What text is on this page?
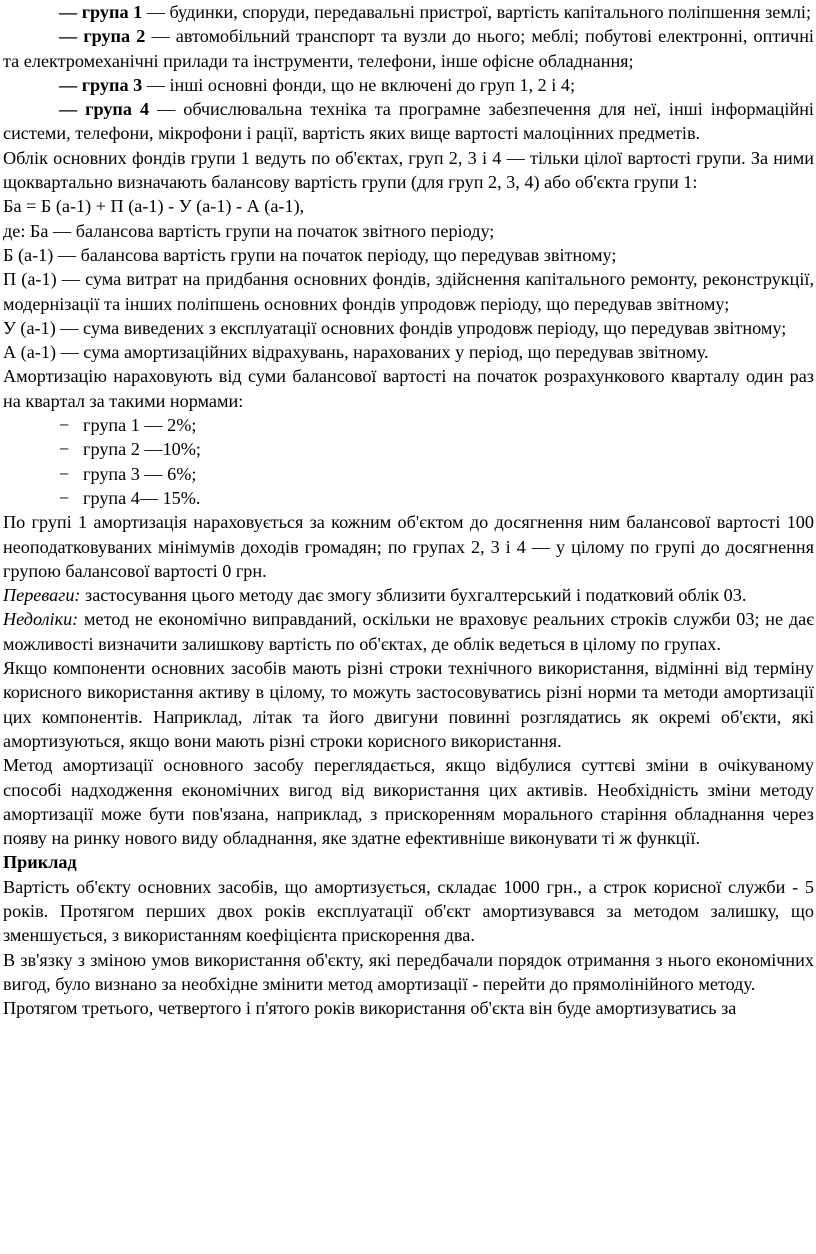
— група 1 — будинки, споруди, передавальні пристрої, вартість капітального поліпшення землі;

— група 2 — автомобільний транспорт та вузли до нього; меблі; побутові електронні, оптичні та електромеханічні прилади та інструменти, телефони, інше офісне обладнання;

— група 3 — інші основні фонди, що не включені до груп 1, 2 і 4;

— група 4 — обчислювальна техніка та програмне забезпечення для неї, інші інформаційні системи, телефони, мікрофони і рації, вартість яких вище вартості малоцінних предметів.

Облік основних фондів групи 1 ведуть по об'єктах, груп 2, 3 і 4 — тільки цілої вартості групи. За ними щоквартально визначають балансову вартість групи (для груп 2, 3, 4) або об'єкта групи 1:

Ба = Б (а-1) + П (а-1) - У (а-1) - А (а-1),

де: Ба — балансова вартість групи на початок звітного періоду;

Б (а-1) — балансова вартість групи на початок періоду, що передував звітному;

П (а-1) — сума витрат на придбання основних фондів, здійснення капітального ремонту, реконструкції, модернізації та інших поліпшень основних фондів упродовж періоду, що передував звітному;

У (а-1) — сума виведених з експлуатації основних фондів упродовж періоду, що передував звітному;

А (а-1) — сума амортизаційних відрахувань, нарахованих у період, що передував звітному.

Амортизацію нараховують від суми балансової вартості на початок розрахункового кварталу один раз на квартал за такими нормами:

− група 1 — 2%;

− група 2 —10%;

− група 3 — 6%;

− група 4— 15%.

По групі 1 амортизація нараховується за кожним об'єктом до досягнення ним балансової вартості 100 неоподатковуваних мінімумів доходів громадян; по групах 2, 3 і 4 — у цілому по групі до досягнення групою балансової вартості 0 грн.

Переваги: застосування цього методу дає змогу зблизити бухгалтерський і податковий облік 03.

Недоліки: метод не економічно виправданий, оскільки не враховує реальних строків служби 03; не дає можливості визначити залишкову вартість по об'єктах, де облік ведеться в цілому по групах.

Якщо компоненти основних засобів мають різні строки технічного використання, відмінні від терміну корисного використання активу в цілому, то можуть застосовуватись різні норми та методи амортизації цих компонентів. Наприклад, літак та його двигуни повинні розглядатись як окремі об'єкти, які амортизуються, якщо вони мають різні строки корисного використання.

Метод амортизації основного засобу переглядається, якщо відбулися суттєві зміни в очікуваному способі надходження економічних вигод від використання цих активів. Необхідність зміни методу амортизації може бути пов'язана, наприклад, з прискоренням морального старіння обладнання через появу на ринку нового виду обладнання, яке здатне ефективніше виконувати ті ж функції.

Приклад

Вартість об'єкту основних засобів, що амортизується, складає 1000 грн., а строк корисної служби - 5 років. Протягом перших двох років експлуатації об'єкт амортизувався за методом залишку, що зменшується, з використанням коефіцієнта прискорення два.

В зв'язку з зміною умов використання об'єкту, які передбачали порядок отримання з нього економічних вигод, було визнано за необхідне змінити метод амортизації - перейти до прямолінійного методу.

Протягом третього, четвертого і п'ятого років використання об'єкта він буде амортизуватись за
